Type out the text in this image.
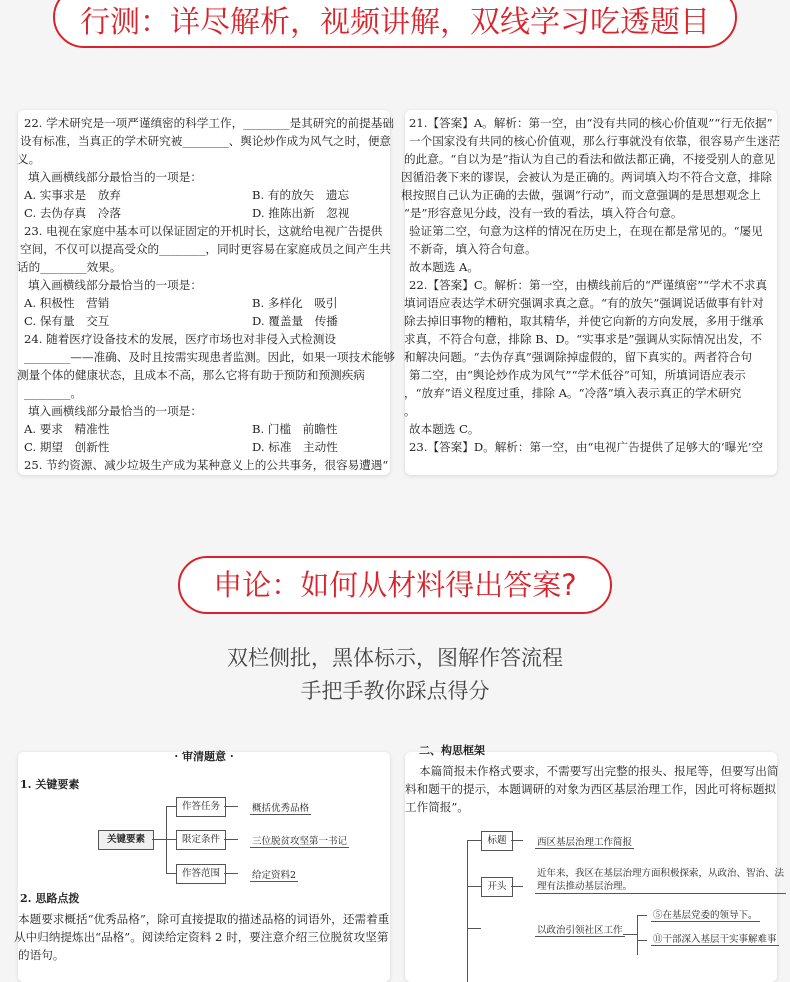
行测：详尽解析，视频讲解，双线学习吃透题目
22. 学术研究是一项严谨缜密的科学工作，________是其研究的前提基础
设有标准，当真正的学术研究被________、舆论炒作成为风气之时，便意
义。
填入画横线部分最恰当的一项是：
A. 实事求是　放弃	B. 有的放矢　遗忘
C. 去伪存真　冷落	D. 推陈出新　忽视
23. 电视在家庭中基本可以保证固定的开机时长，这就给电视广告提供
空间，不仅可以提高受众的________，同时更容易在家庭成员之间产生共
话的________效果。
填入画横线部分最恰当的一项是：
A. 积极性　营销	B. 多样化　吸引
C. 保有量　交互	D. 覆盖量　传播
24. 随着医疗设备技术的发展，医疗市场也对非侵入式检测设
________——准确、及时且按需实现患者监测。因此，如果一项技术能够
测量个体的健康状态，且成本不高，那么它将有助于预防和预测疾病
________。
填入画横线部分最恰当的一项是：
A. 要求　精准性	B. 门槛　前瞻性
C. 期望　创新性	D. 标准　主动性
25. 节约资源、减少垃圾生产成为某种意义上的公共事务，很容易遭遇“
21.【答案】A。解析：第一空，由“没有共同的核心价值观”“行无依据”
一个国家没有共同的核心价值观，那么行事就没有依靠，很容易产生迷茫
的此意。“自以为是”指认为自己的看法和做法都正确，不接受别人的意见
因循沿袭下来的谬误，会被认为是正确的。两词填入均不符合文意，排除
根按照自己认为正确的去做，强调“行动”，而文意强调的是思想观念上
“是”形容意见分歧，没有一致的看法，填入符合句意。
验证第二空，句意为这样的情况在历史上，在现在都是常见的。“屡见
不新奇，填入符合句意。
故本题选 A。
22.【答案】C。解析：第一空，由横线前后的“严谨缜密”“学术不求真
填词语应表达学术研究强调求真之意。“有的放矢”强调说话做事有针对
除去掉旧事物的糟粕，取其精华，并使它向新的方向发展，多用于继承
求真，不符合句意，排除 B、D。“实事求是”强调从实际情况出发，不
和解决问题。“去伪存真”强调除掉虚假的，留下真实的。两者符合句
第二空，由“舆论炒作成为风气”“学术低谷”可知，所填词语应表示
，“放弃”语义程度过重，排除 A。“冷落”填入表示真正的学术研究
。
故本题选 C。
23.【答案】D。解析：第一空，由“电视广告提供了足够大的‘曝光’空
申论：如何从材料得出答案?
双栏侧批，黑体标示，图解作答流程
手把手教你踩点得分
· 审清题意 ·
1. 关键要素
关键要素
作答任务
限定条件
作答范围
概括优秀品格
三位脱贫攻坚第一书记
给定资料2
2. 思路点拨
本题要求概括“优秀品格”，除可直接提取的描述品格的词语外，还需着重
从中归纳提炼出“品格”。阅读给定资料 2 时，要注意介绍三位脱贫攻坚第
的语句。
二、构思框架
本篇简报未作格式要求，不需要写出完整的报头、报尾等，但要写出简
料和题干的提示，本题调研的对象为西区基层治理工作，因此可将标题拟
工作简报”。
标题	西区基层治理工作简报
开头
近年来，我区在基层治理方面积极探索，从政治、智治、法
理有法推动基层治理。
以政治引领社区工作
⑤在基层党委的领导下。
⑪干部深入基层干实事解难事
